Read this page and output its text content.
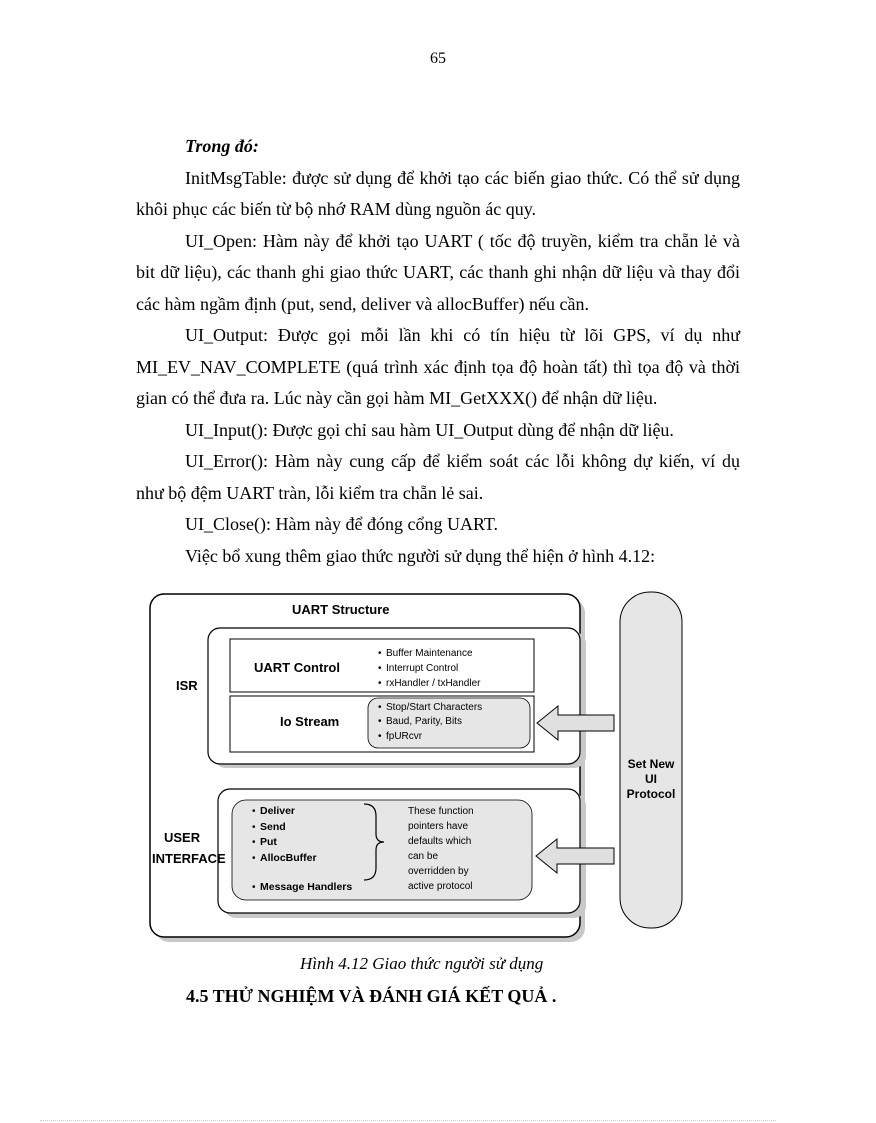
65

Trong đó:

InitMsgTable: được sử dụng để khởi tạo các biến giao thức. Có thể sử dụng khôi phục các biến từ bộ nhớ RAM dùng nguồn ác quy.

UI_Open: Hàm này để khởi tạo UART ( tốc độ truyền, kiểm tra chẵn lẻ và bit dữ liệu), các thanh ghi giao thức UART, các thanh ghi nhận dữ liệu và thay đổi các hàm ngầm định (put, send, deliver và allocBuffer) nếu cần.

UI_Output: Được gọi mỗi lần khi có tín hiệu từ lõi GPS, ví dụ như MI_EV_NAV_COMPLETE (quá trình xác định tọa độ hoàn tất) thì tọa độ và thời gian có thể đưa ra. Lúc này cần gọi hàm MI_GetXXX() để nhận dữ liệu.

UI_Input(): Được gọi chỉ sau hàm UI_Output dùng để nhận dữ liệu.

UI_Error(): Hàm này cung cấp để kiểm soát các lỗi không dự kiến, ví dụ như bộ đệm UART tràn, lỗi kiểm tra chẵn lẻ sai.

UI_Close(): Hàm này để đóng cổng UART.

Việc bổ xung thêm giao thức người sử dụng thể hiện ở hình 4.12:

UART Structure
ISR
UART Control
• Buffer Maintenance
• Interrupt Control
• rxHandler / txHandler
Io Stream
• Stop/Start Characters
• Baud, Parity, Bits
• fpURcvr
USER
INTERFACE
• Deliver
• Send
• Put
• AllocBuffer
• Message Handlers
These function
pointers have
defaults which
can be
overridden by
active protocol
Set New
UI
Protocol
Hình 4.12 Giao thức người sử dụng
4.5 THỬ NGHIỆM VÀ ĐÁNH GIÁ KẾT QUẢ .
